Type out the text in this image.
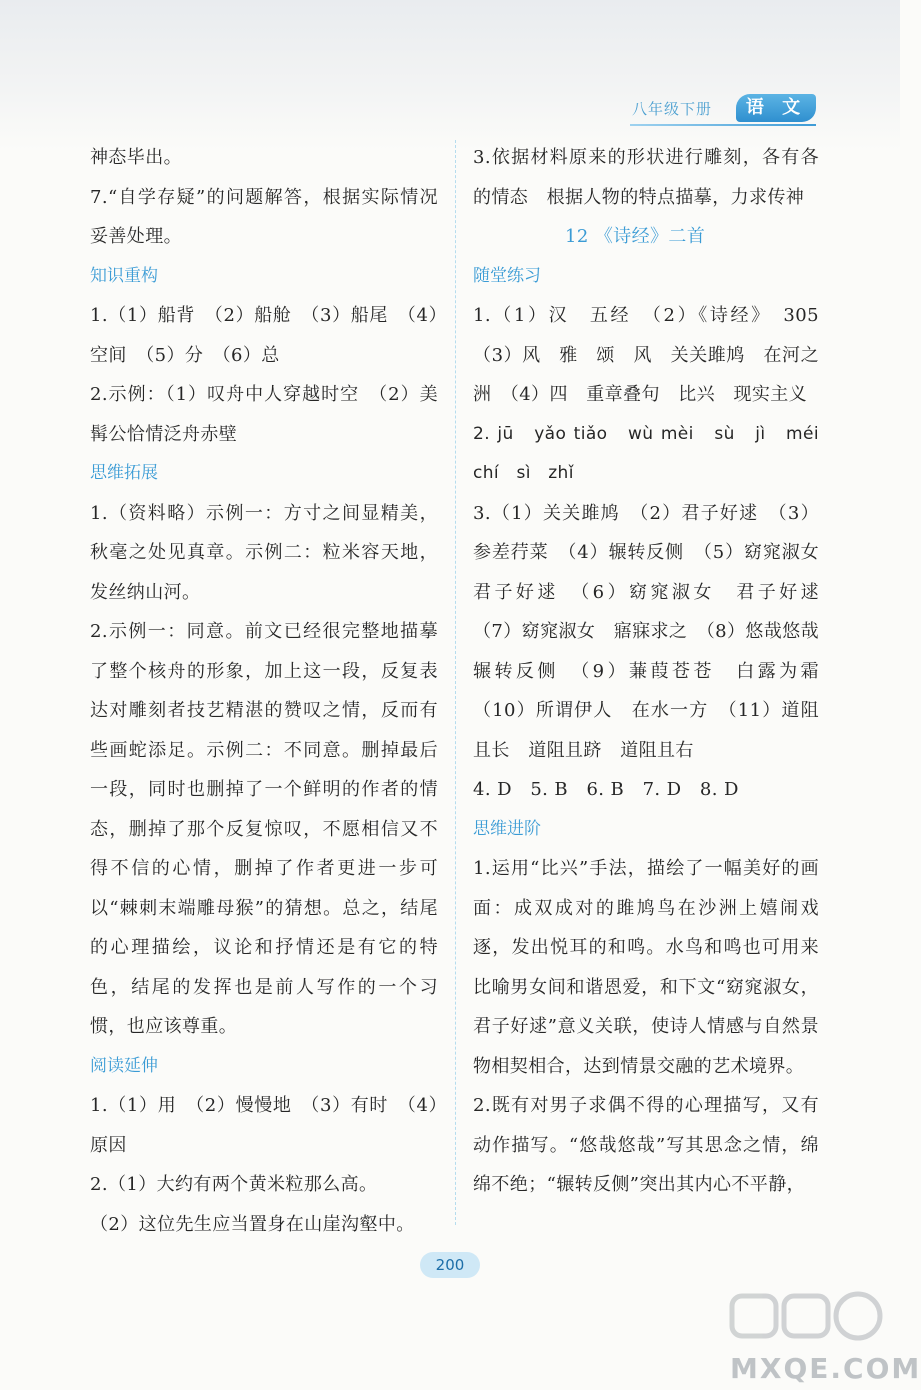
八年级下册	语 文

神态毕出。

7.“自学存疑”的问题解答，根据实际情况妥善处理。

知识重构

1.（1）船背　（2）船舱　（3）船尾　（4）空间　（5）分　（6）总

2.示例：（1）叹舟中人穿越时空　（2）美髯公恰情泛舟赤壁

思维拓展

1.（资料略）示例一：方寸之间显精美，秋毫之处见真章。示例二：粒米容天地，发丝纳山河。

2.示例一：同意。前文已经很完整地描摹了整个核舟的形象，加上这一段，反复表达对雕刻者技艺精湛的赞叹之情，反而有些画蛇添足。示例二：不同意。删掉最后一段，同时也删掉了一个鲜明的作者的情态，删掉了那个反复惊叹，不愿相信又不得不信的心情，删掉了作者更进一步可以“棘刺末端雕母猴”的猜想。总之，结尾的心理描绘，议论和抒情还是有它的特色，结尾的发挥也是前人写作的一个习惯，也应该尊重。

阅读延伸

1.（1）用　（2）慢慢地　（3）有时　（4）原因

2.（1）大约有两个黄米粒那么高。

（2）这位先生应当置身在山崖沟壑中。

3.依据材料原来的形状进行雕刻，各有各的情态　根据人物的特点描摹，力求传神

12 《诗经》二首

随堂练习

1.（1）汉　五经　（2）《诗经》　305　（3）风　雅　颂　风　关关雎鸠　在河之洲　（4）四　重章叠句　比兴　现实主义

2. jū　yǎo tiǎo　wù mèi　sù　jì　méi　chí　sì　zhǐ

3.（1）关关雎鸠　（2）君子好逑　（3）参差荇菜　（4）辗转反侧　（5）窈窕淑女　君子好逑　（6）窈窕淑女　君子好逑　（7）窈窕淑女　寤寐求之　（8）悠哉悠哉　辗转反侧　（9）蒹葭苍苍　白露为霜　（10）所谓伊人　在水一方　（11）道阻且长　道阻且跻　道阻且右

4. D　5. B　6. B　7. D　8. D

思维进阶

1.运用“比兴”手法，描绘了一幅美好的画面：成双成对的雎鸠鸟在沙洲上嬉闹戏逐，发出悦耳的和鸣。水鸟和鸣也可用来比喻男女间和谐恩爱，和下文“窈窕淑女，君子好逑”意义关联，使诗人情感与自然景物相契相合，达到情景交融的艺术境界。

2.既有对男子求偶不得的心理描写，又有动作描写。“悠哉悠哉”写其思念之情，绵绵不绝；“辗转反侧”突出其内心不平静，

200
MXQE.COM
